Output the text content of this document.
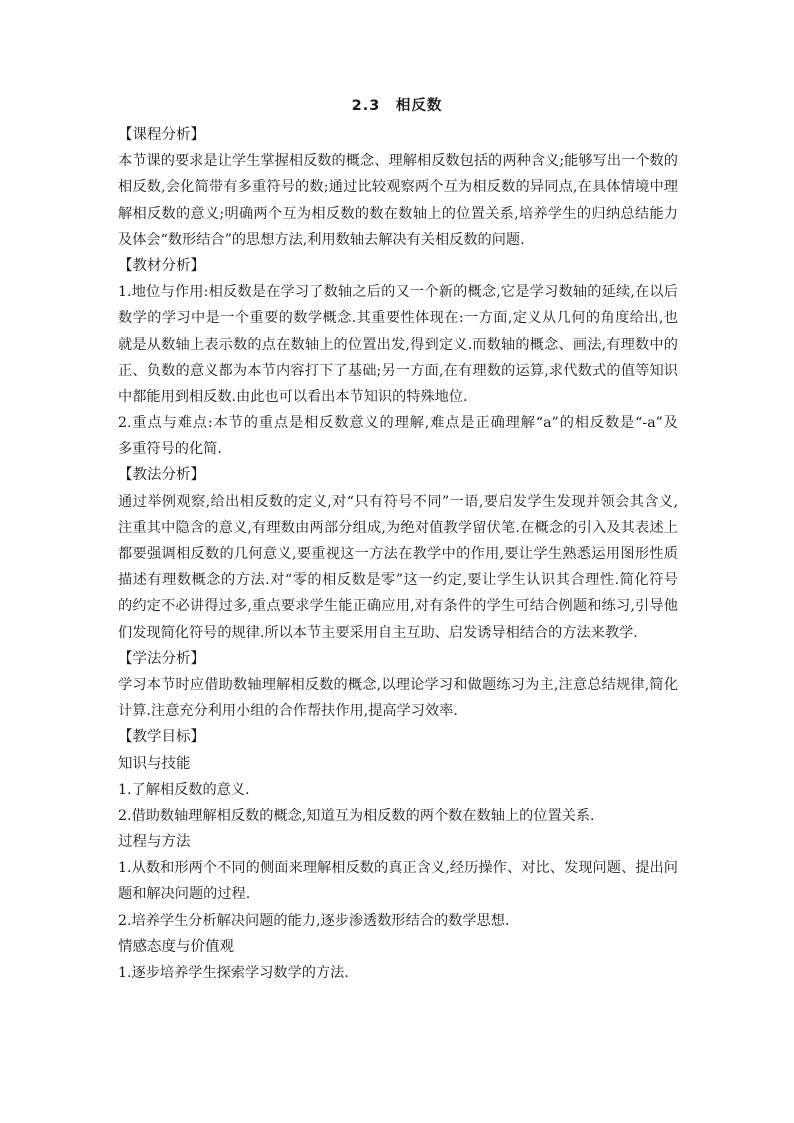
2.3　相反数
【课程分析】
本节课的要求是让学生掌握相反数的概念、理解相反数包括的两种含义;能够写出一个数的
相反数,会化简带有多重符号的数;通过比较观察两个互为相反数的异同点,在具体情境中理
解相反数的意义;明确两个互为相反数的数在数轴上的位置关系,培养学生的归纳总结能力
及体会“数形结合”的思想方法,利用数轴去解决有关相反数的问题.
【教材分析】
1.地位与作用:相反数是在学习了数轴之后的又一个新的概念,它是学习数轴的延续,在以后
数学的学习中是一个重要的数学概念.其重要性体现在:一方面,定义从几何的角度给出,也
就是从数轴上表示数的点在数轴上的位置出发,得到定义.而数轴的概念、画法,有理数中的
正、负数的意义都为本节内容打下了基础;另一方面,在有理数的运算,求代数式的值等知识
中都能用到相反数.由此也可以看出本节知识的特殊地位.
2.重点与难点:本节的重点是相反数意义的理解,难点是正确理解“a”的相反数是“-a”及
多重符号的化简.
【教法分析】
通过举例观察,给出相反数的定义,对“只有符号不同”一语,要启发学生发现并领会其含义,
注重其中隐含的意义,有理数由两部分组成,为绝对值教学留伏笔.在概念的引入及其表述上
都要强调相反数的几何意义,要重视这一方法在教学中的作用,要让学生熟悉运用图形性质
描述有理数概念的方法.对“零的相反数是零”这一约定,要让学生认识其合理性.简化符号
的约定不必讲得过多,重点要求学生能正确应用,对有条件的学生可结合例题和练习,引导他
们发现简化符号的规律.所以本节主要采用自主互助、启发诱导相结合的方法来教学.
【学法分析】
学习本节时应借助数轴理解相反数的概念,以理论学习和做题练习为主,注意总结规律,简化
计算.注意充分利用小组的合作帮扶作用,提高学习效率.
【教学目标】
知识与技能
1.了解相反数的意义.
2.借助数轴理解相反数的概念,知道互为相反数的两个数在数轴上的位置关系.
过程与方法
1.从数和形两个不同的侧面来理解相反数的真正含义,经历操作、对比、发现问题、提出问
题和解决问题的过程.
2.培养学生分析解决问题的能力,逐步渗透数形结合的数学思想.
情感态度与价值观
1.逐步培养学生探索学习数学的方法.
